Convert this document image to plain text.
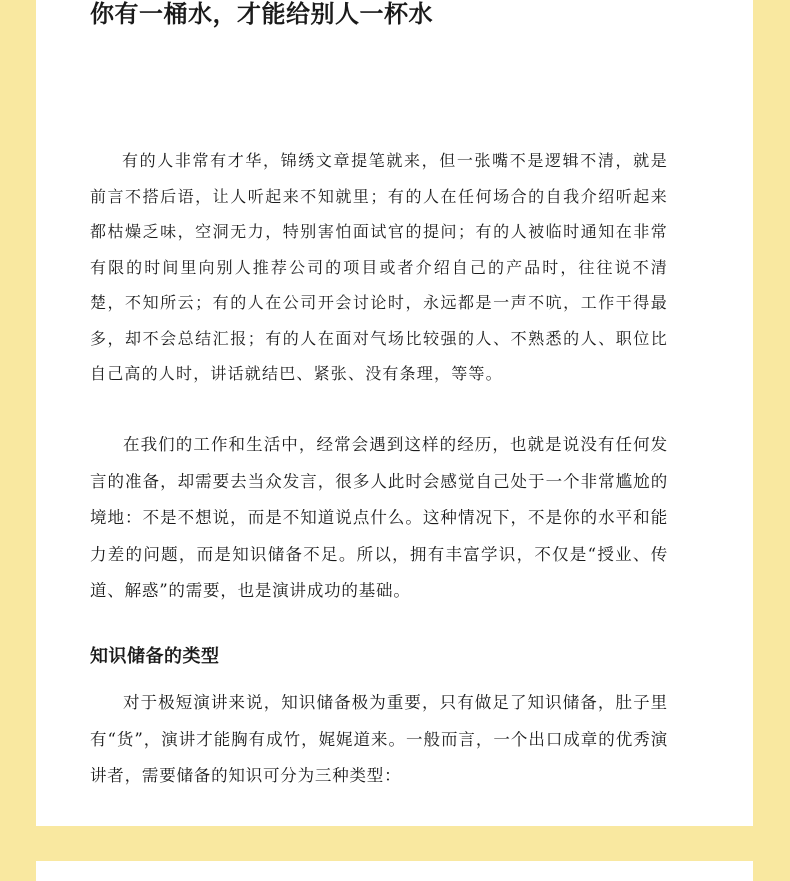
你有一桶水，才能给别人一杯水

有的人非常有才华，锦绣文章提笔就来，但一张嘴不是逻辑不清，就是前言不搭后语，让人听起来不知就里；有的人在任何场合的自我介绍听起来都枯燥乏味，空洞无力，特别害怕面试官的提问；有的人被临时通知在非常有限的时间里向别人推荐公司的项目或者介绍自己的产品时，往往说不清楚，不知所云；有的人在公司开会讨论时，永远都是一声不吭，工作干得最多，却不会总结汇报；有的人在面对气场比较强的人、不熟悉的人、职位比自己高的人时，讲话就结巴、紧张、没有条理，等等。

在我们的工作和生活中，经常会遇到这样的经历，也就是说没有任何发言的准备，却需要去当众发言，很多人此时会感觉自己处于一个非常尴尬的境地：不是不想说，而是不知道说点什么。这种情况下，不是你的水平和能力差的问题，而是知识储备不足。所以，拥有丰富学识，不仅是“授业、传道、解惑”的需要，也是演讲成功的基础。

知识储备的类型

对于极短演讲来说，知识储备极为重要，只有做足了知识储备，肚子里有“货”，演讲才能胸有成竹，娓娓道来。一般而言，一个出口成章的优秀演讲者，需要储备的知识可分为三种类型：
